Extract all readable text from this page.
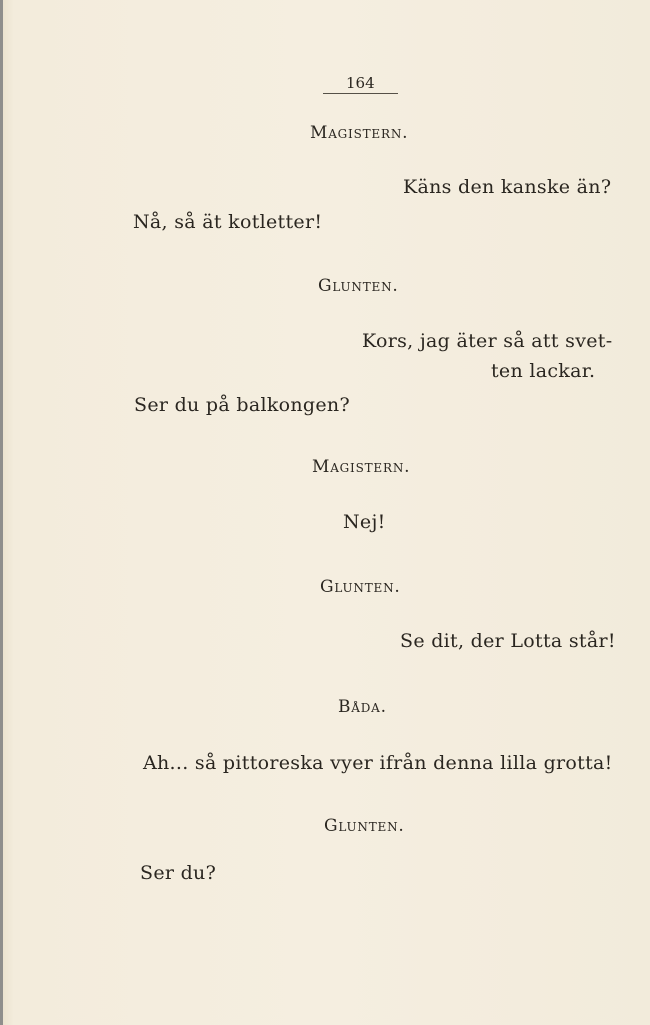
164
Magistern.
Käns den kanske än?
Nå, så ät kotletter!
Glunten.
Kors, jag äter så att svet-
ten lackar.
Ser du på balkongen?
Magistern.
Nej!
Glunten.
Se dit, der Lotta står!
Båda.
Ah... så pittoreska vyer ifrån denna lilla grotta!
Glunten.
Ser du?
